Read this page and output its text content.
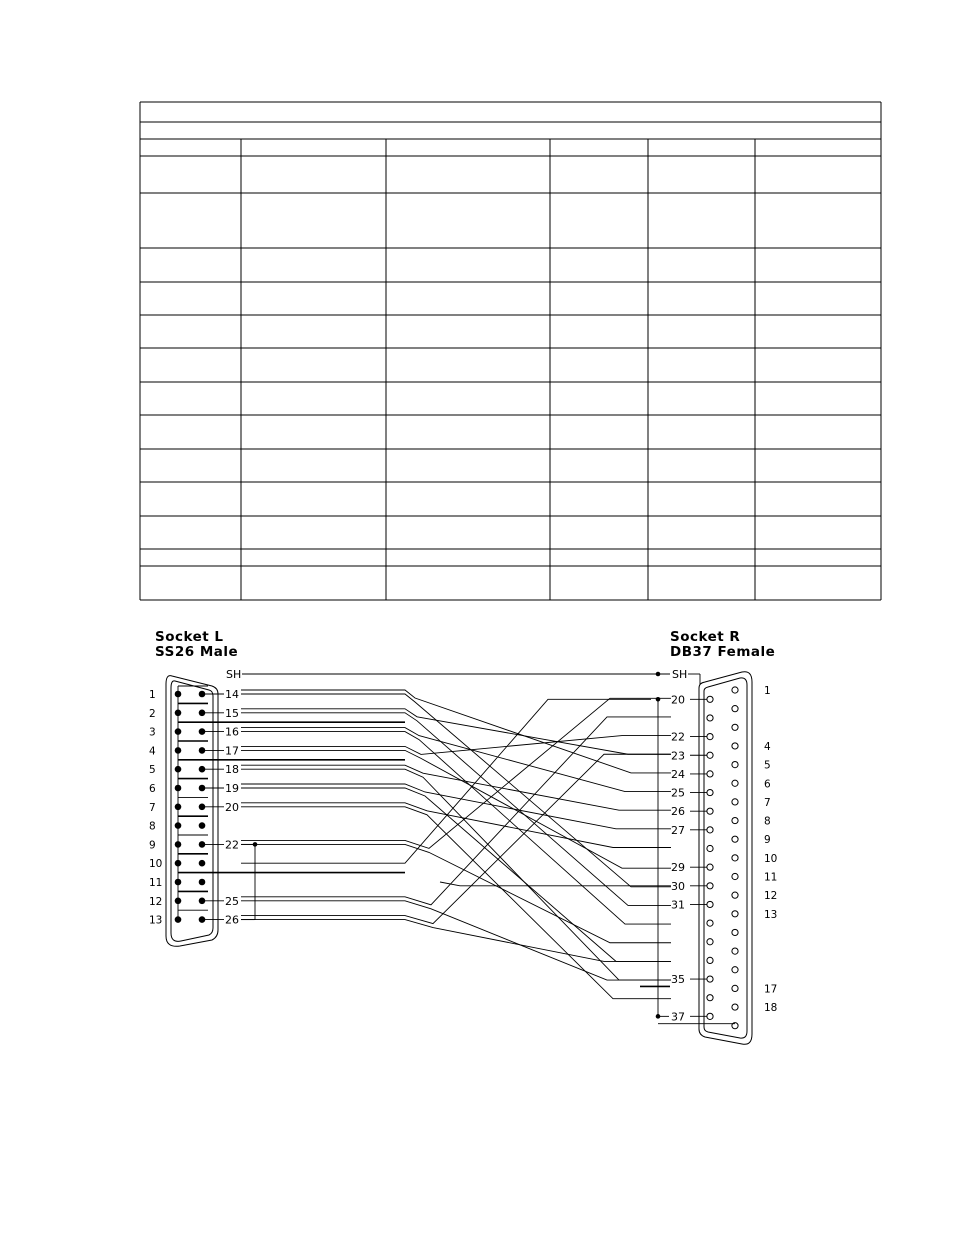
Socket L
SS26 Male
Socket R
DB37 Female
SH
1	14
2	15
3	16
4	17
5	18
6	19
7	20
8
9	22
10
11
12	25
13	26
SH
1
4
5
6
7
8
9
10
11
12
13
17
18
20
22
23
24
25
26
27
29
30
31
35
37
